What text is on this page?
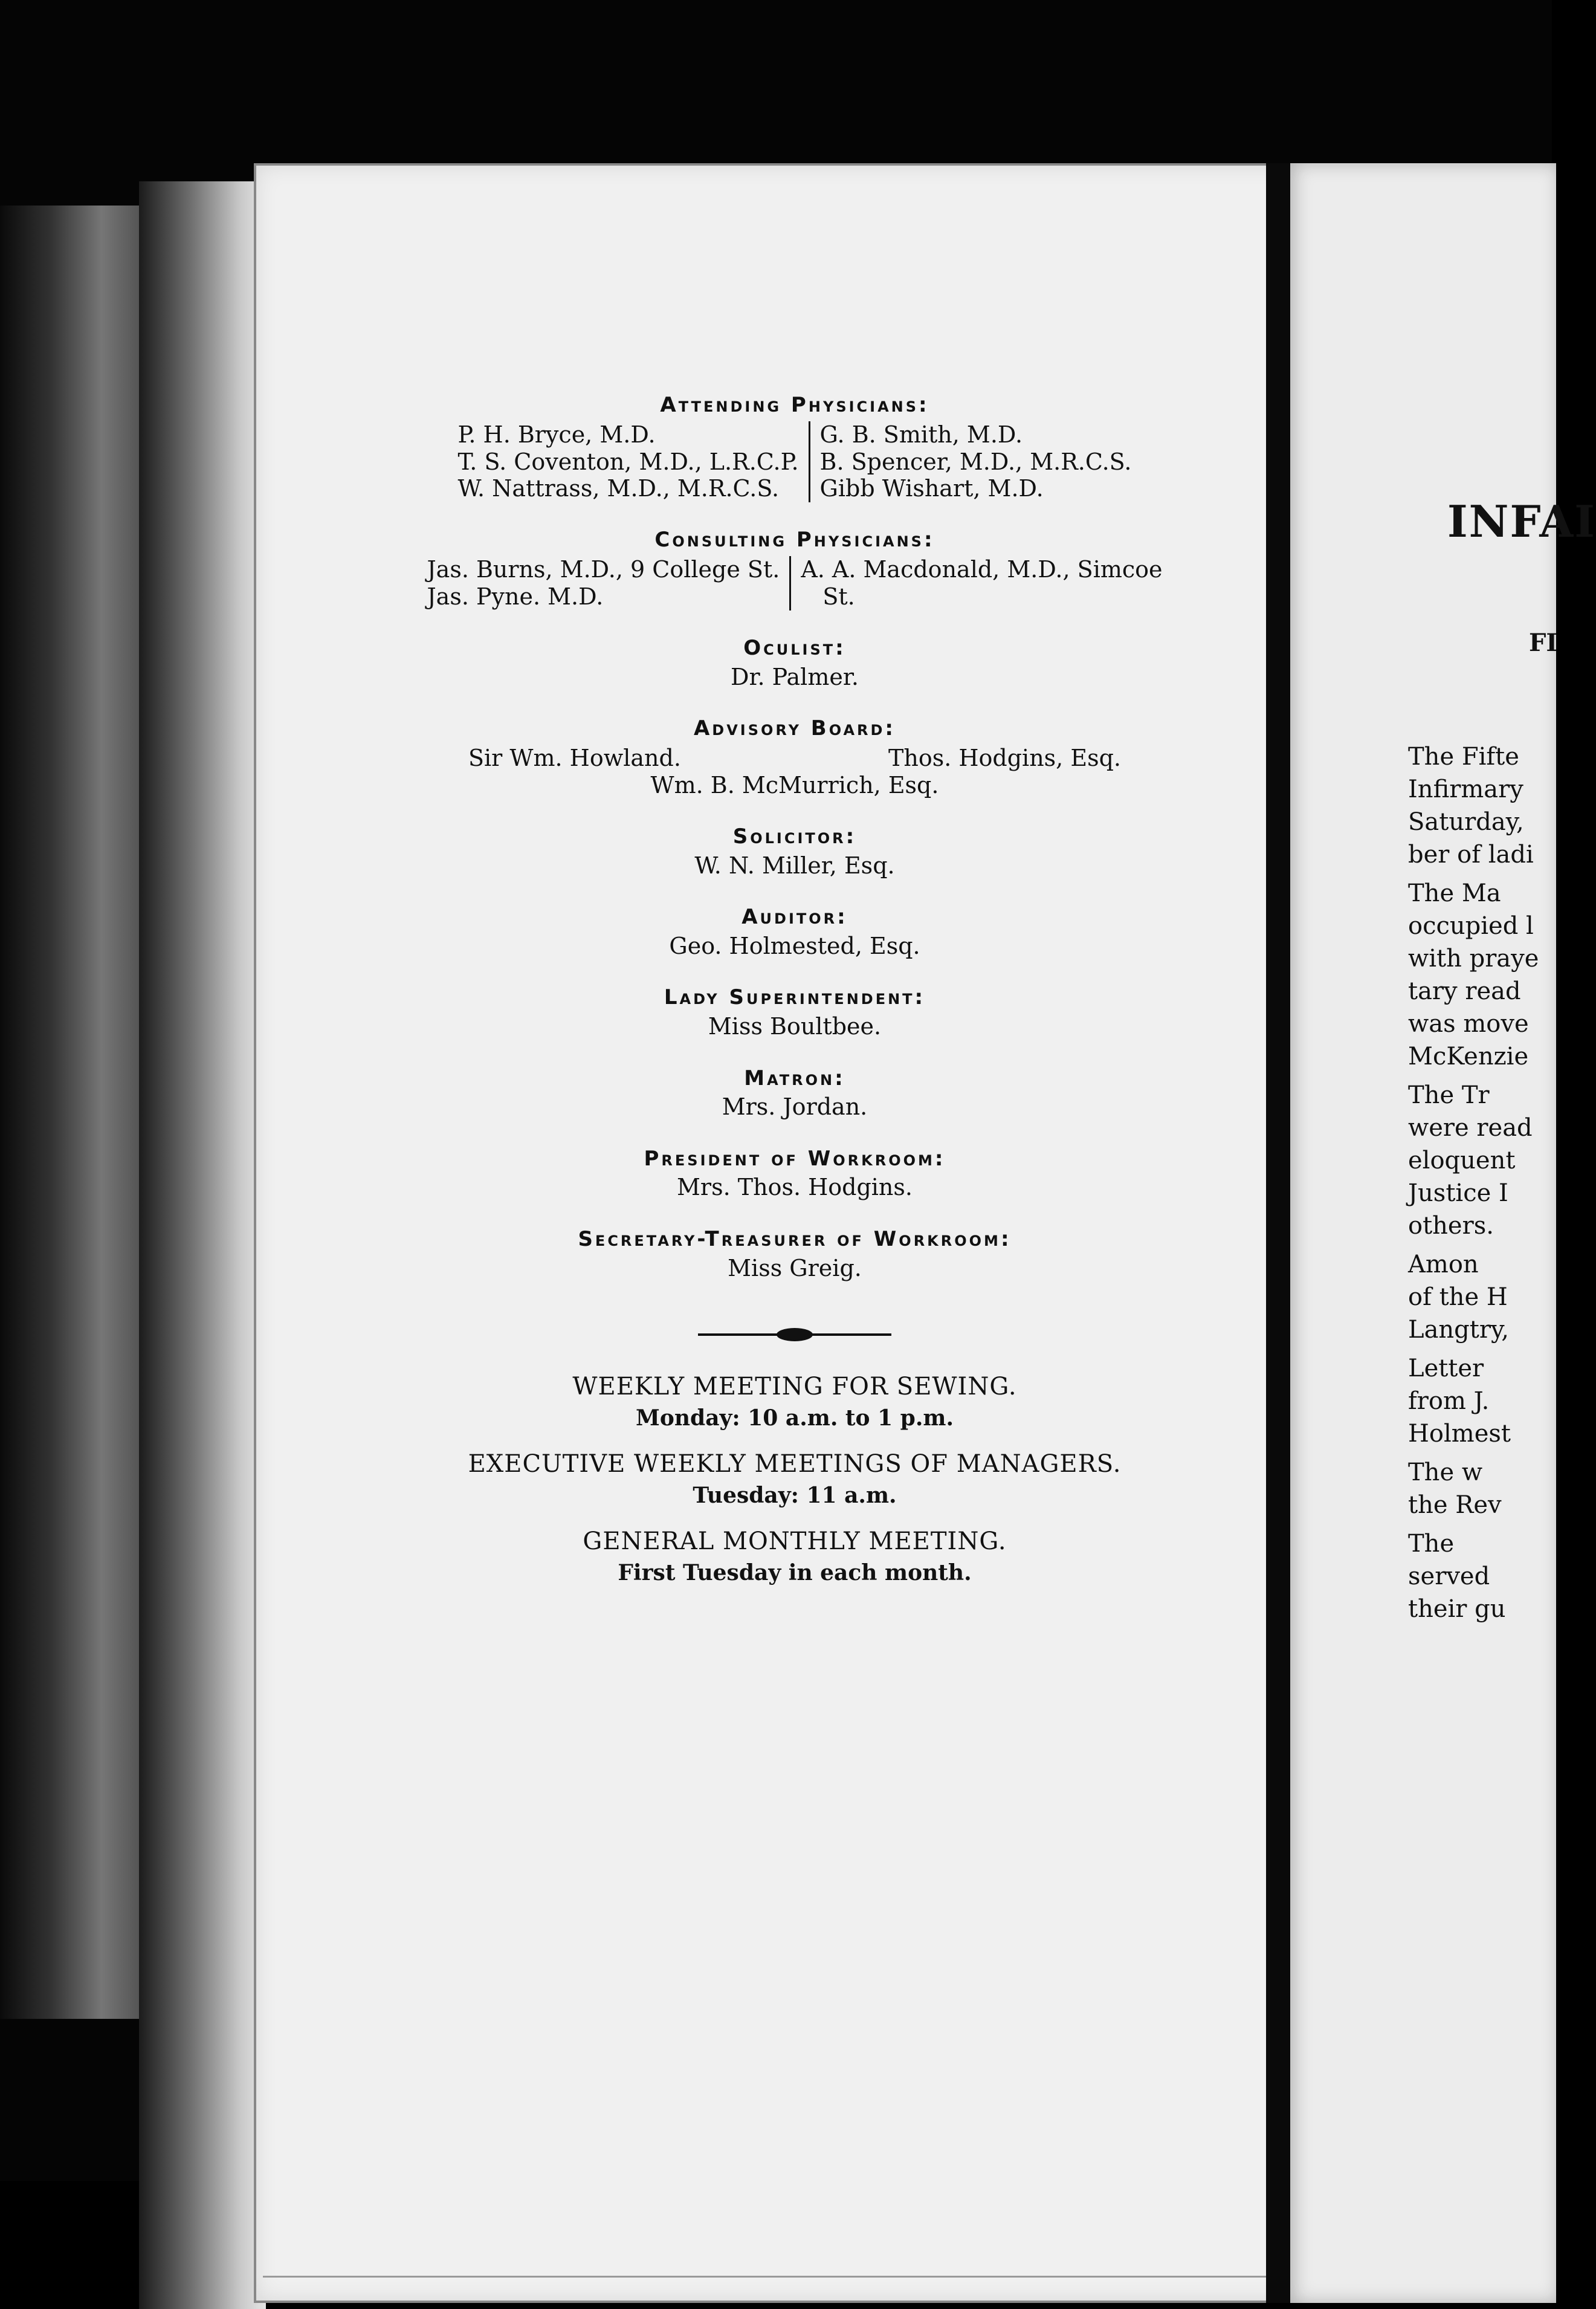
Attending Physicians:

P. H. Bryce, M.D.
T. S. Coventon, M.D., L.R.C.P.
W. Nattrass, M.D., M.R.C.S.
G. B. Smith, M.D.
B. Spencer, M.D., M.R.C.S.
Gibb Wishart, M.D.

Consulting Physicians:

Jas. Burns, M.D., 9 College St.
Jas. Pyne. M.D.
A. A. Macdonald, M.D., Simcoe
St.

Oculist:

Dr. Palmer.

Advisory Board:

Sir Wm. Howland.	Thos. Hodgins, Esq.

Wm. B. McMurrich, Esq.

Solicitor:

W. N. Miller, Esq.

Auditor:

Geo. Holmested, Esq.

Lady Superintendent:

Miss Boultbee.

Matron:

Mrs. Jordan.

President of Workroom:

Mrs. Thos. Hodgins.

Secretary-Treasurer of Workroom:

Miss Greig.

WEEKLY MEETING FOR SEWING.

Monday: 10 a.m. to 1 p.m.

EXECUTIVE WEEKLY MEETINGS OF MANAGERS.

Tuesday: 11 a.m.

GENERAL MONTHLY MEETING.

First Tuesday in each month.

INFAI
FI
The Fifte
Infirmary
Saturday,
ber of ladi
The Ma
occupied l
with praye
tary read
was move
McKenzie
The Tr
were read
eloquent
Justice I
others.
Amon
of the H
Langtry,
Letter
from J.
Holmest
The w
the Rev
The
served
their gu
